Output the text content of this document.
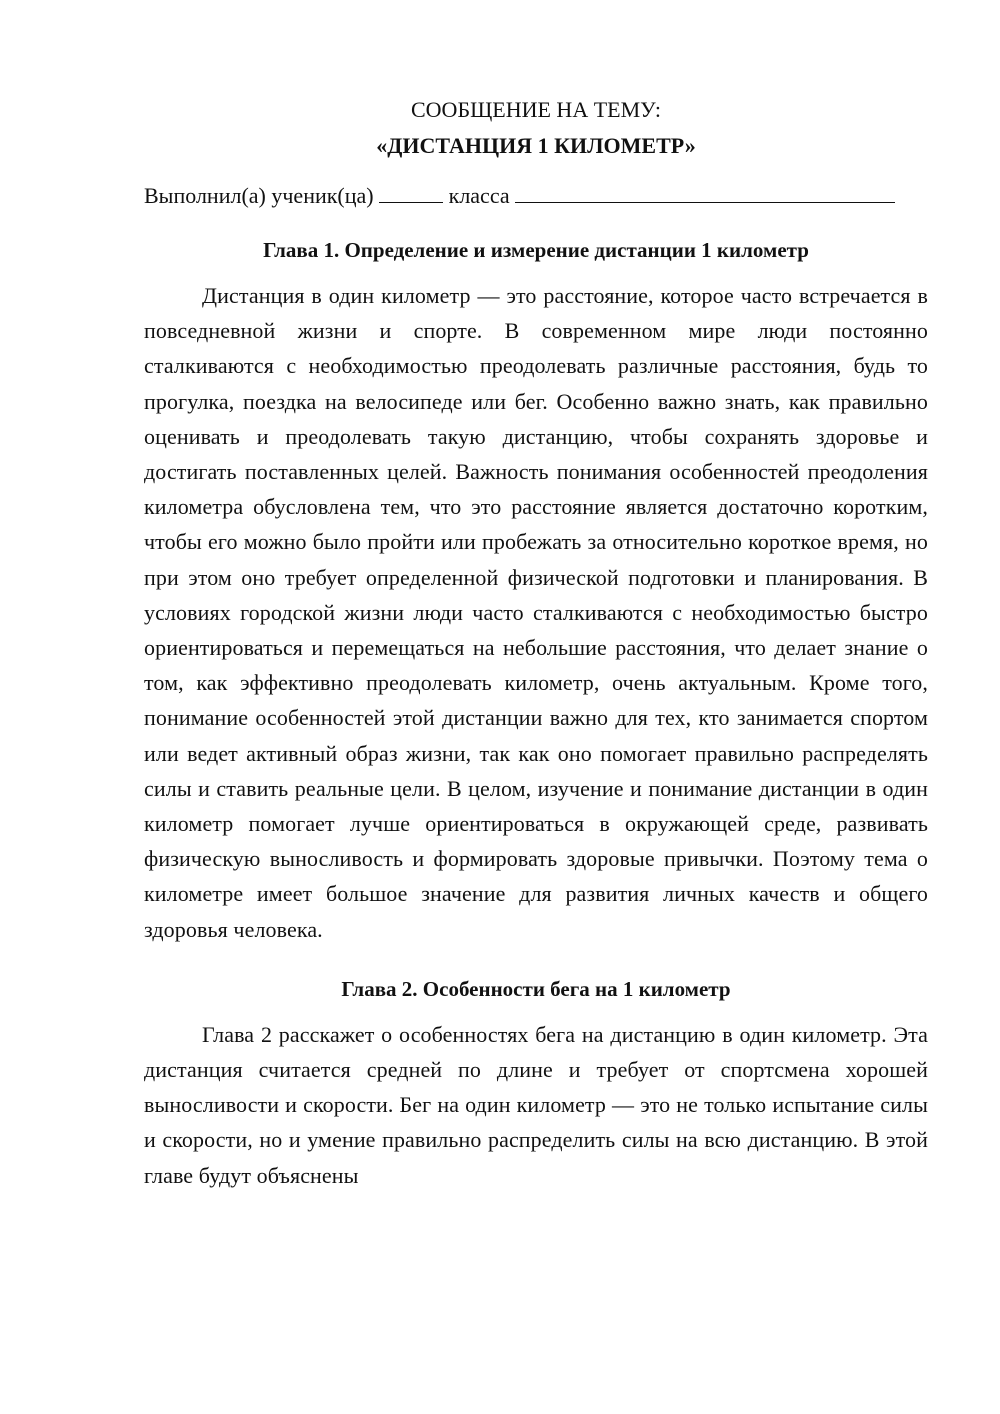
СООБЩЕНИЕ НА ТЕМУ:

«ДИСТАНЦИЯ 1 КИЛОМЕТР»

Выполнил(а) ученик(ца)	класса

Глава 1. Определение и измерение дистанции 1 километр

Дистанция в один километр — это расстояние, которое часто встречается в повседневной жизни и спорте. В современном мире люди постоянно сталкиваются с необходимостью преодолевать различные расстояния, будь то прогулка, поездка на велосипеде или бег. Особенно важно знать, как правильно оценивать и преодолевать такую дистанцию, чтобы сохранять здоровье и достигать поставленных целей. Важность понимания особенностей преодоления километра обусловлена тем, что это расстояние является достаточно коротким, чтобы его можно было пройти или пробежать за относительно короткое время, но при этом оно требует определенной физической подготовки и планирования. В условиях городской жизни люди часто сталкиваются с необходимостью быстро ориентироваться и перемещаться на небольшие расстояния, что делает знание о том, как эффективно преодолевать километр, очень актуальным. Кроме того, понимание особенностей этой дистанции важно для тех, кто занимается спортом или ведет активный образ жизни, так как оно помогает правильно распределять силы и ставить реальные цели. В целом, изучение и понимание дистанции в один километр помогает лучше ориентироваться в окружающей среде, развивать физическую выносливость и формировать здоровые привычки. Поэтому тема о километре имеет большое значение для развития личных качеств и общего здоровья человека.

Глава 2. Особенности бега на 1 километр

Глава 2 расскажет о особенностях бега на дистанцию в один километр. Эта дистанция считается средней по длине и требует от спортсмена хорошей выносливости и скорости. Бег на один километр — это не только испытание силы и скорости, но и умение правильно распределить силы на всю дистанцию. В этой главе будут объяснены
